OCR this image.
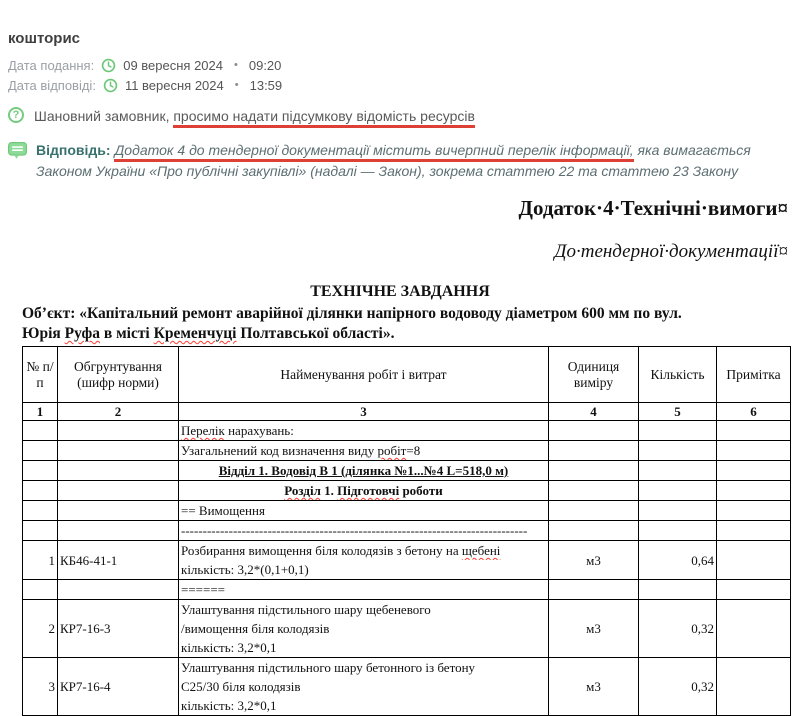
кошторис
Дата подання: 09 вересня 2024	• 09:20
Дата відповіді: 11 вересня 2024	• 13:59
?	Шановний замовник, просимо надати підсумкову відомість ресурсів
Відповідь: Додаток 4 до тендерної документації містить вичерпний перелік інформації, яка вимагається Законом України «Про публічні закупівлі» (надалі — Закон), зокрема статтею 22 та статтею 23 Закону
Додаток·4·Технічні·вимоги¤
До·тендерної·документації¤
ТЕХНІЧНЕ ЗАВДАННЯ
Об’єкт: «Капітальний ремонт аварійної ділянки напірного водоводу діаметром 600 мм по вул.
Юрія Руфа в місті Кременчуці Полтавської області».
№ п/п	Обгрунтування (шифр норми)	Найменування робіт і витрат	Одиниця виміру	Кількість	Примітка
1	2	3	4	5	6

		Перелік нарахувань:			

		Узагальнений код визначення виду робіт=8			

		Відділ 1. Водовід В 1 (ділянка №1...№4 L=518,0 м)			

		Розділ 1. Підготовчі роботи			

		== Вимощення			

		--------------------------------------------------------------------------------			

1	КБ46-41-1	Розбирання вимощення біля колодязів з бетону на щебені
кількість: 3,2*(0,1+0,1)	м3	0,64	

		======			

2	КР7-16-3	Улаштування підстильного шару щебеневого
/вимощення біля колодязів
кількість: 3,2*0,1	м3	0,32	
3	КР7-16-4	Улаштування підстильного шару бетонного із бетону
С25/30 біля колодязів
кількість: 3,2*0,1	м3	0,32	
